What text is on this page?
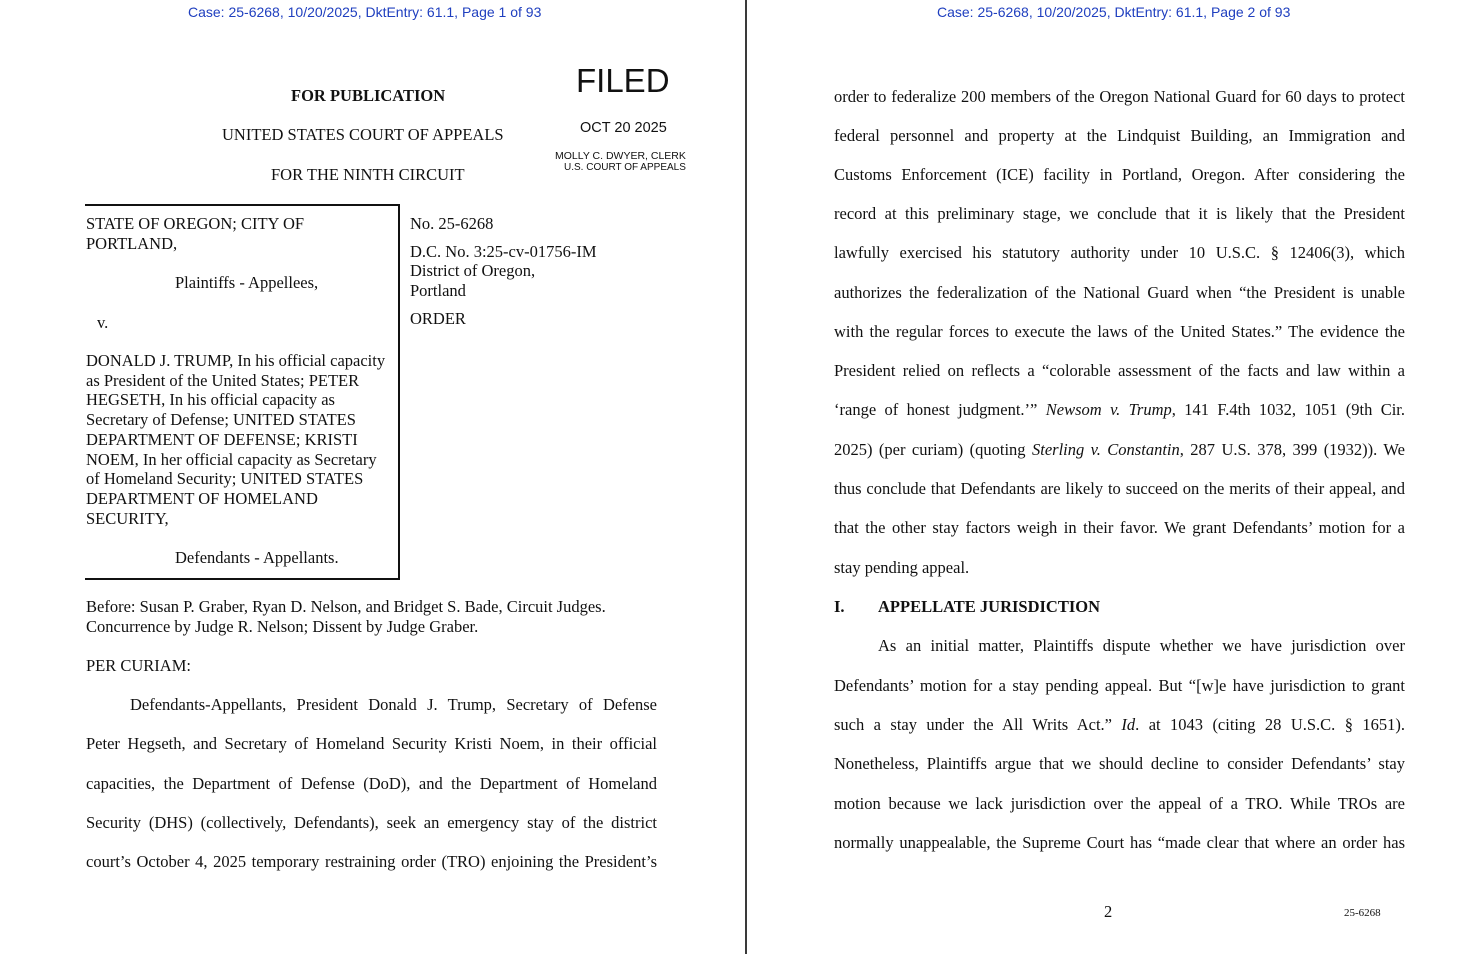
Case: 25-6268, 10/20/2025, DktEntry: 61.1, Page 1 of 93
FOR PUBLICATION
UNITED STATES COURT OF APPEALS
FOR THE NINTH CIRCUIT
FILED
OCT 20 2025
MOLLY C. DWYER, CLERK
U.S. COURT OF APPEALS
STATE OF OREGON; CITY OF PORTLAND,
Plaintiffs - Appellees,
v.
DONALD J. TRUMP, In his official capacity as President of the United States; PETER HEGSETH, In his official capacity as Secretary of Defense; UNITED STATES DEPARTMENT OF DEFENSE; KRISTI NOEM, In her official capacity as Secretary of Homeland Security; UNITED STATES DEPARTMENT OF HOMELAND SECURITY,
Defendants - Appellants.
No. 25-6268
D.C. No. 3:25-cv-01756-IM
District of Oregon,
Portland
ORDER
Before: Susan P. Graber, Ryan D. Nelson, and Bridget S. Bade, Circuit Judges.
Concurrence by Judge R. Nelson; Dissent by Judge Graber.
PER CURIAM:
Defendants-Appellants, President Donald J. Trump, Secretary of Defense
Peter Hegseth, and Secretary of Homeland Security Kristi Noem, in their official
capacities, the Department of Defense (DoD), and the Department of Homeland
Security (DHS) (collectively, Defendants), seek an emergency stay of the district
court’s October 4, 2025 temporary restraining order (TRO) enjoining the President’s
Case: 25-6268, 10/20/2025, DktEntry: 61.1, Page 2 of 93
order to federalize 200 members of the Oregon National Guard for 60 days to protect
federal personnel and property at the Lindquist Building, an Immigration and
Customs Enforcement (ICE) facility in Portland, Oregon. After considering the
record at this preliminary stage, we conclude that it is likely that the President
lawfully exercised his statutory authority under 10 U.S.C. § 12406(3), which
authorizes the federalization of the National Guard when “the President is unable
with the regular forces to execute the laws of the United States.” The evidence the
President relied on reflects a “colorable assessment of the facts and law within a
‘range of honest judgment.’” Newsom v. Trump, 141 F.4th 1032, 1051 (9th Cir.
2025) (per curiam) (quoting Sterling v. Constantin, 287 U.S. 378, 399 (1932)). We
thus conclude that Defendants are likely to succeed on the merits of their appeal, and
that the other stay factors weigh in their favor. We grant Defendants’ motion for a
stay pending appeal.
I. APPELLATE JURISDICTION
As an initial matter, Plaintiffs dispute whether we have jurisdiction over
Defendants’ motion for a stay pending appeal. But “[w]e have jurisdiction to grant
such a stay under the All Writs Act.” Id. at 1043 (citing 28 U.S.C. § 1651).
Nonetheless, Plaintiffs argue that we should decline to consider Defendants’ stay
motion because we lack jurisdiction over the appeal of a TRO. While TROs are
normally unappealable, the Supreme Court has “made clear that where an order has
2	25-6268
